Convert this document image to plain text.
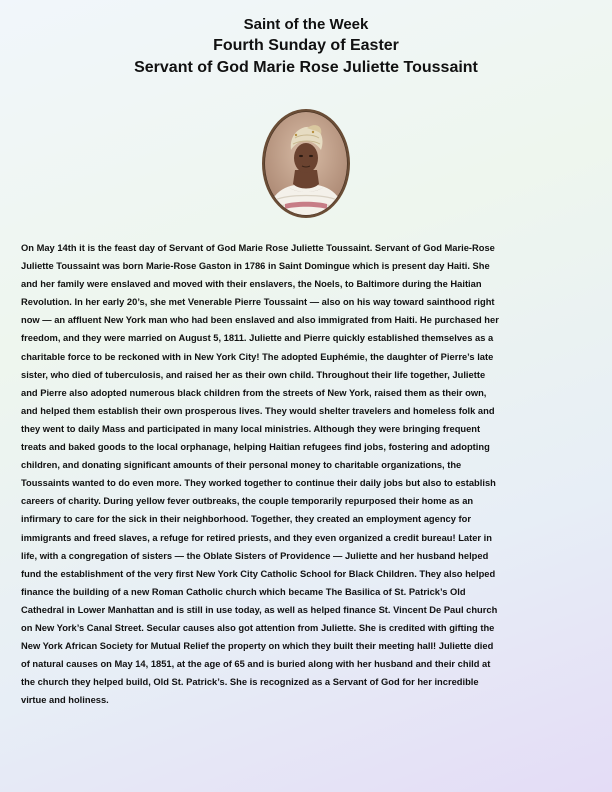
Saint of the Week
Fourth Sunday of Easter
Servant of God Marie Rose Juliette Toussaint

On May 14th it is the feast day of Servant of God Marie Rose Juliette Toussaint. Servant of God Marie-Rose
Juliette Toussaint was born Marie-Rose Gaston in 1786 in Saint Domingue which is present day Haiti. She
and her family were enslaved and moved with their enslavers, the Noels, to Baltimore during the Haitian
Revolution. In her early 20’s, she met Venerable Pierre Toussaint — also on his way toward sainthood right
now — an affluent New York man who had been enslaved and also immigrated from Haiti. He purchased her
freedom, and they were married on August 5, 1811. Juliette and Pierre quickly established themselves as a
charitable force to be reckoned with in New York City! The adopted Euphémie, the daughter of Pierre’s late
sister, who died of tuberculosis, and raised her as their own child. Throughout their life together, Juliette
and Pierre also adopted numerous black children from the streets of New York, raised them as their own,
and helped them establish their own prosperous lives. They would shelter travelers and homeless folk and
they went to daily Mass and participated in many local ministries. Although they were bringing frequent
treats and baked goods to the local orphanage, helping Haitian refugees find jobs, fostering and adopting
children, and donating significant amounts of their personal money to charitable organizations, the
Toussaints wanted to do even more. They worked together to continue their daily jobs but also to establish
careers of charity. During yellow fever outbreaks, the couple temporarily repurposed their home as an
infirmary to care for the sick in their neighborhood. Together, they created an employment agency for
immigrants and freed slaves, a refuge for retired priests, and they even organized a credit bureau! Later in
life, with a congregation of sisters — the Oblate Sisters of Providence — Juliette and her husband helped
fund the establishment of the very first New York City Catholic School for Black Children. They also helped
finance the building of a new Roman Catholic church which became The Basilica of St. Patrick’s Old
Cathedral in Lower Manhattan and is still in use today, as well as helped finance St. Vincent De Paul church
on New York’s Canal Street. Secular causes also got attention from Juliette. She is credited with gifting the
New York African Society for Mutual Relief the property on which they built their meeting hall! Juliette died
of natural causes on May 14, 1851, at the age of 65 and is buried along with her husband and their child at
the church they helped build, Old St. Patrick’s. She is recognized as a Servant of God for her incredible
virtue and holiness.
